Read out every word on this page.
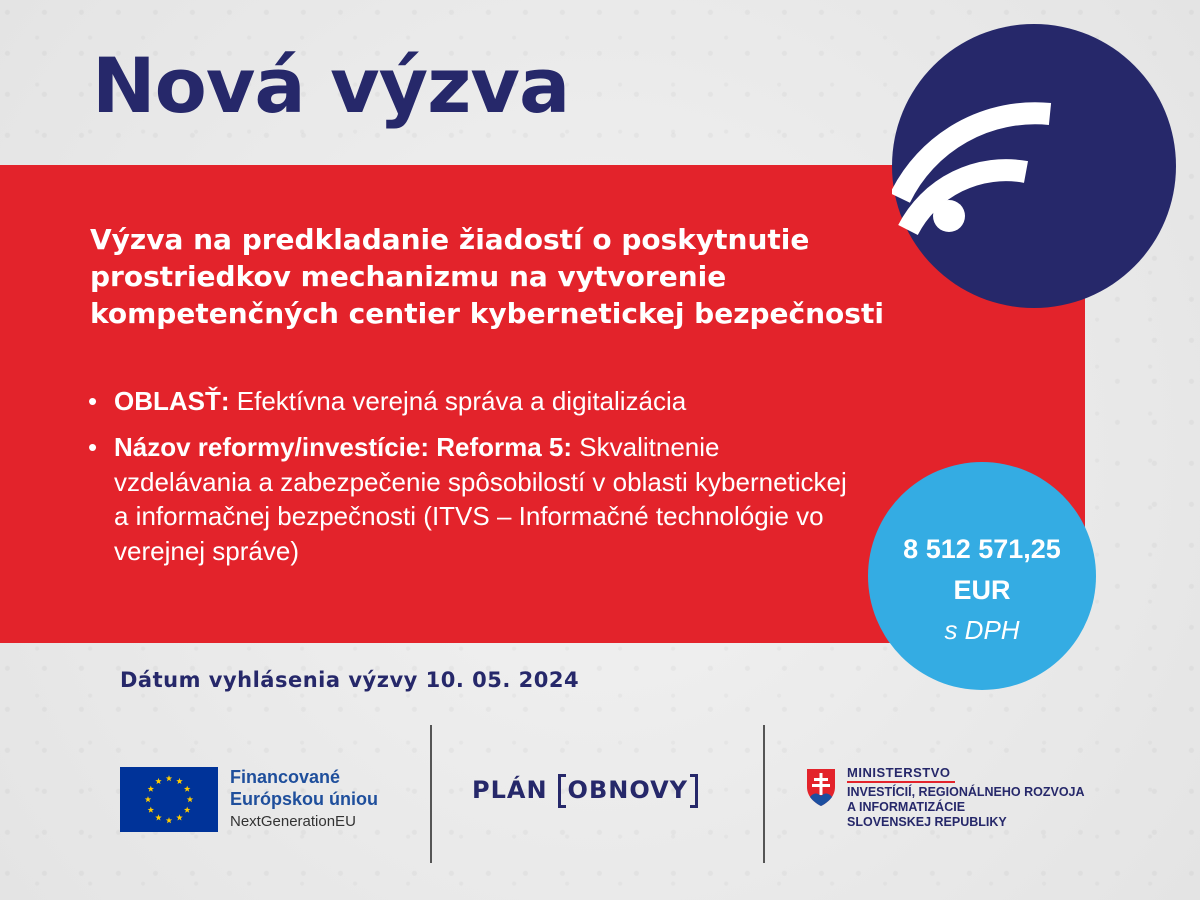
Nová výzva

Výzva na predkladanie žiadostí o poskytnutie prostriedkov mechanizmu na vytvorenie kompetenčných centier kybernetickej bezpečnosti

• OBLASŤ: Efektívna verejná správa a digitalizácia
• Názov reformy/investície: Reforma 5: Skvalitnenie vzdelávania a zabezpečenie spôsobilostí v oblasti kybernetickej a informačnej bezpečnosti (ITVS – Informačné technológie vo verejnej správe)	8 512 571,25
EUR
s DPH

Dátum vyhlásenia výzvy 10. 05. 2024

Financované
Európskou úniou
NextGenerationEU
PLÁN OBNOVY
MINISTERSTVO
INVESTÍCIÍ, REGIONÁLNEHO ROZVOJA
A INFORMATIZÁCIE
SLOVENSKEJ REPUBLIKY
